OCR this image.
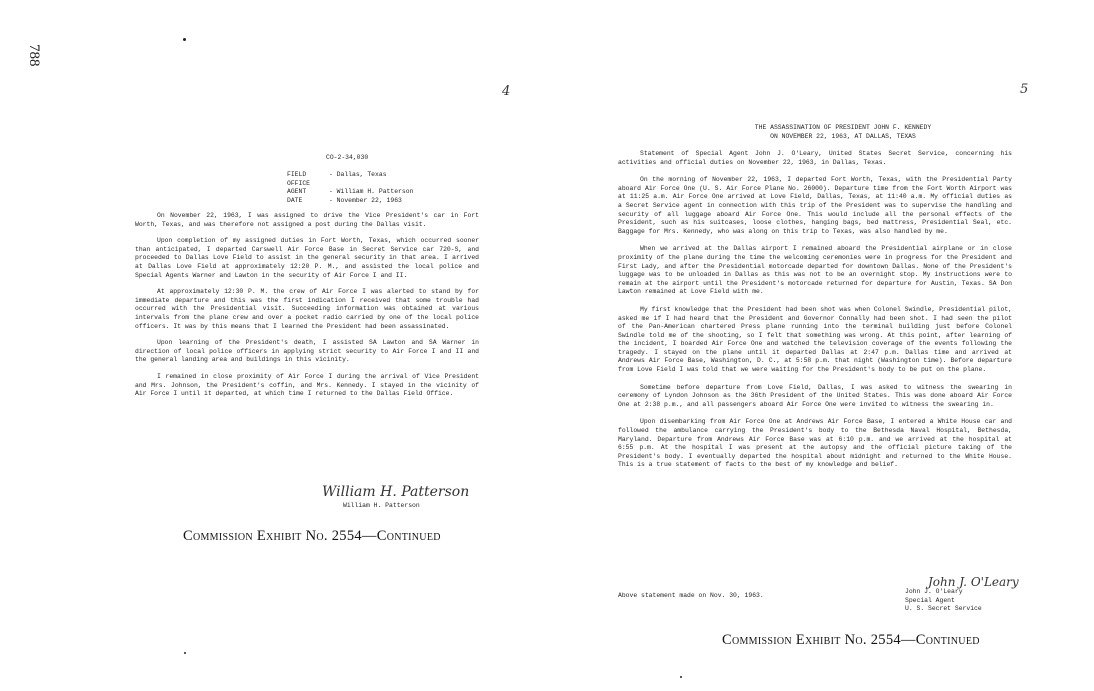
788
4
CO-2-34,030
FIELD OFFICE
- Dallas, Texas
AGENT	- William H. Patterson
DATE	- November 22, 1963

On November 22, 1963, I was assigned to drive the Vice President's car in Fort Worth, Texas, and was therefore not assigned a post during the Dallas visit.

Upon completion of my assigned duties in Fort Worth, Texas, which occurred sooner than anticipated, I departed Carswell Air Force Base in Secret Service car 720-S, and proceeded to Dallas Love Field to assist in the general security in that area. I arrived at Dallas Love Field at approximately 12:20 P. M., and assisted the local police and Special Agents Warner and Lawton in the security of Air Force I and II.

At approximately 12:30 P. M. the crew of Air Force I was alerted to stand by for immediate departure and this was the first indication I received that some trouble had occurred with the Presidential visit. Succeeding information was obtained at various intervals from the plane crew and over a pocket radio carried by one of the local police officers. It was by this means that I learned the President had been assassinated.

Upon learning of the President's death, I assisted SA Lawton and SA Warner in direction of local police officers in applying strict security to Air Force I and II and the general landing area and buildings in this vicinity.

I remained in close proximity of Air Force I during the arrival of Vice President and Mrs. Johnson, the President's coffin, and Mrs. Kennedy. I stayed in the vicinity of Air Force I until it departed, at which time I returned to the Dallas Field Office.

William H. Patterson
William H. Patterson
Commission Exhibit No. 2554—Continued
5
THE ASSASSINATION OF PRESIDENT JOHN F. KENNEDY
ON NOVEMBER 22, 1963, AT DALLAS, TEXAS

Statement of Special Agent John J. O'Leary, United States Secret Service, concerning his activities and official duties on November 22, 1963, in Dallas, Texas.

On the morning of November 22, 1963, I departed Fort Worth, Texas, with the Presidential Party aboard Air Force One (U. S. Air Force Plane No. 26000). Departure time from the Fort Worth Airport was at 11:25 a.m. Air Force One arrived at Love Field, Dallas, Texas, at 11:40 a.m. My official duties as a Secret Service agent in connection with this trip of the President was to supervise the handling and security of all luggage aboard Air Force One. This would include all the personal effects of the President, such as his suitcases, loose clothes, hanging bags, bed mattress, Presidential Seal, etc. Baggage for Mrs. Kennedy, who was along on this trip to Texas, was also handled by me.

When we arrived at the Dallas airport I remained aboard the Presidential airplane or in close proximity of the plane during the time the welcoming ceremonies were in progress for the President and First Lady, and after the Presidential motorcade departed for downtown Dallas. None of the President's luggage was to be unloaded in Dallas as this was not to be an overnight stop. My instructions were to remain at the airport until the President's motorcade returned for departure for Austin, Texas. SA Don Lawton remained at Love Field with me.

My first knowledge that the President had been shot was when Colonel Swindle, Presidential pilot, asked me if I had heard that the President and Governor Connally had been shot. I had seen the pilot of the Pan-American chartered Press plane running into the terminal building just before Colonel Swindle told me of the shooting, so I felt that something was wrong. At this point, after learning of the incident, I boarded Air Force One and watched the television coverage of the events following the tragedy. I stayed on the plane until it departed Dallas at 2:47 p.m. Dallas time and arrived at Andrews Air Force Base, Washington, D. C., at 5:58 p.m. that night (Washington time). Before departure from Love Field I was told that we were waiting for the President's body to be put on the plane.

Sometime before departure from Love Field, Dallas, I was asked to witness the swearing in ceremony of Lyndon Johnson as the 36th President of the United States. This was done aboard Air Force One at 2:38 p.m., and all passengers aboard Air Force One were invited to witness the swearing in.

Upon disembarking from Air Force One at Andrews Air Force Base, I entered a White House car and followed the ambulance carrying the President's body to the Bethesda Naval Hospital, Bethesda, Maryland. Departure from Andrews Air Force Base was at 6:10 p.m. and we arrived at the hospital at 6:55 p.m. At the hospital I was present at the autopsy and the official picture taking of the President's body. I eventually departed the hospital about midnight and returned to the White House. This is a true statement of facts to the best of my knowledge and belief.

John J. O'Leary
Above statement made on Nov. 30, 1963.
John J. O'Leary
Special Agent
U. S. Secret Service
Commission Exhibit No. 2554—Continued
